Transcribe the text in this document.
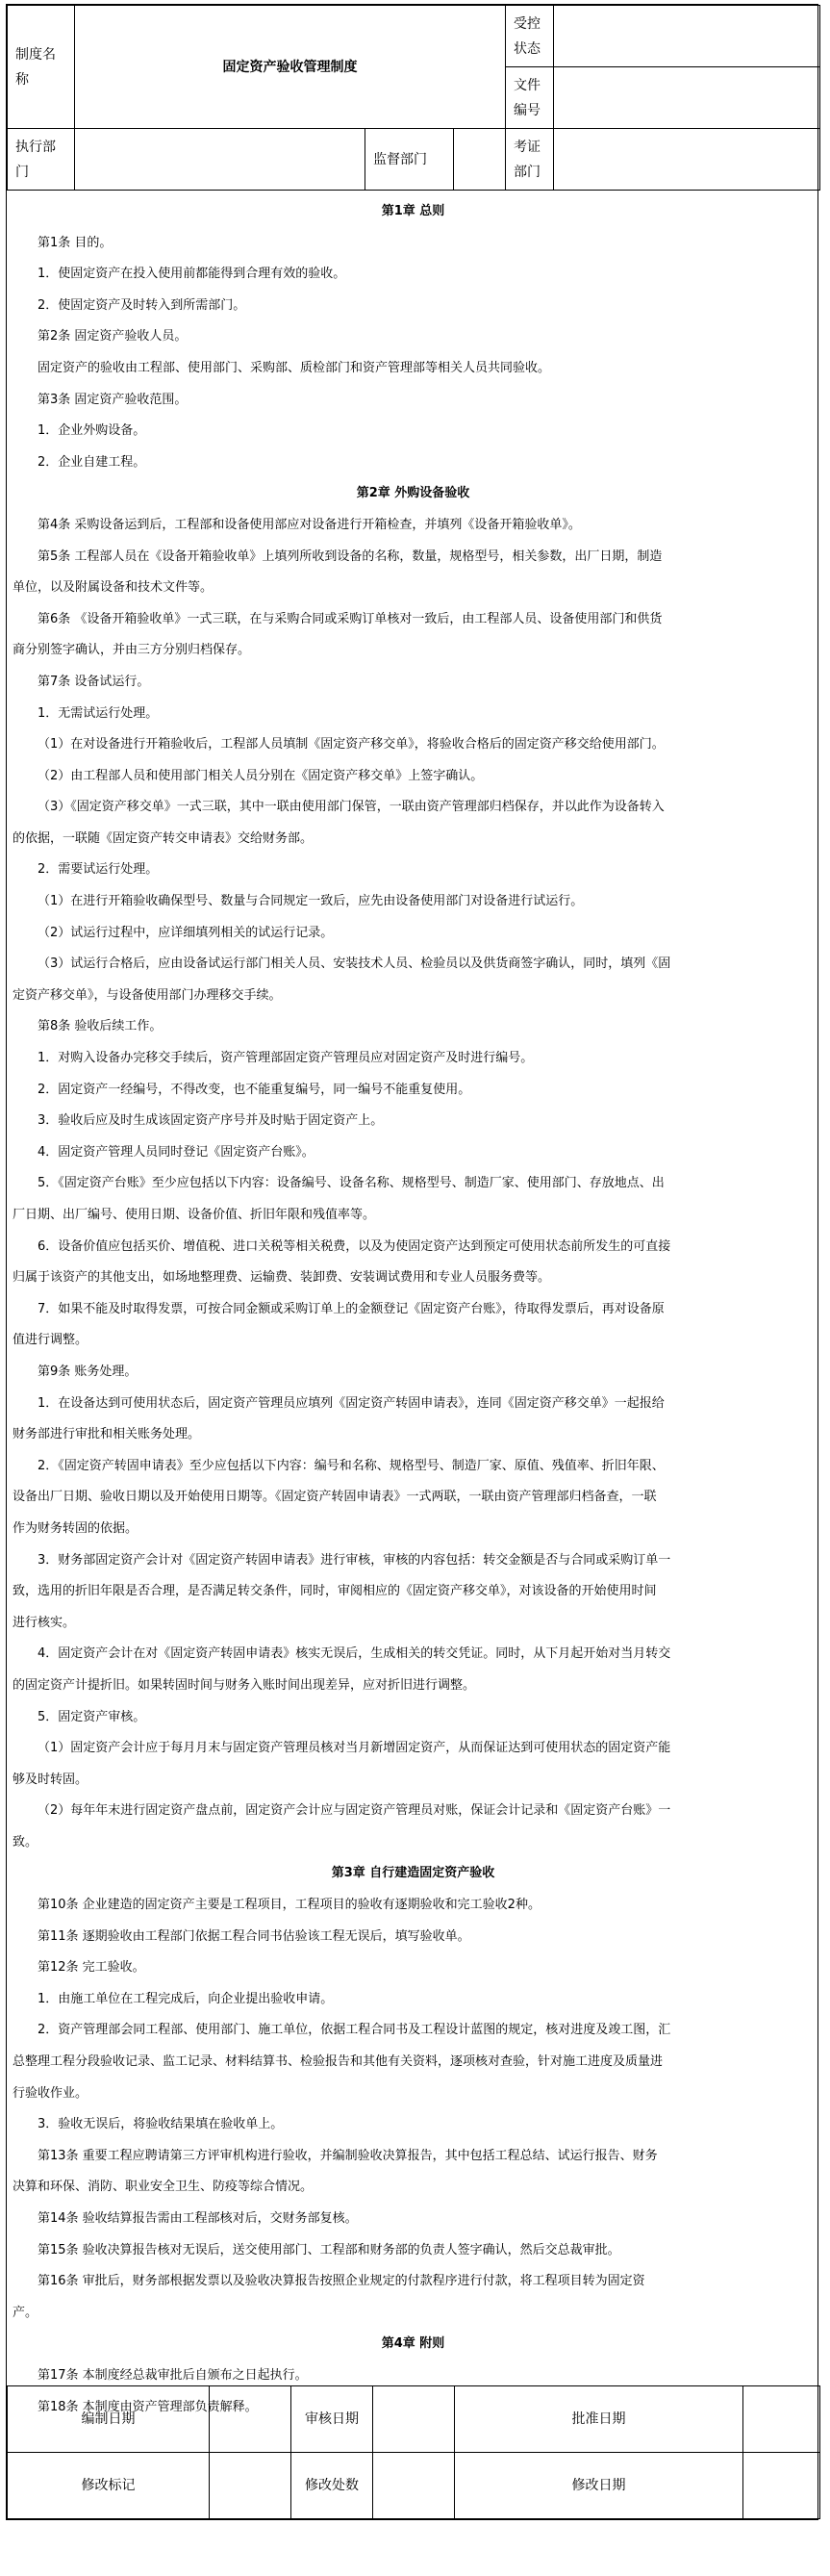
制度名称	固定资产验收管理制度			受控状态	
				文件编号	
执行部门		监督部门		考证部门	

第1章 总则

第1条 目的。

1．使固定资产在投入使用前都能得到合理有效的验收。

2．使固定资产及时转入到所需部门。

第2条 固定资产验收人员。

固定资产的验收由工程部、使用部门、采购部、质检部门和资产管理部等相关人员共同验收。

第3条 固定资产验收范围。

1．企业外购设备。

2．企业自建工程。

第2章 外购设备验收

第4条 采购设备运到后，工程部和设备使用部应对设备进行开箱检查，并填列《设备开箱验收单》。

第5条 工程部人员在《设备开箱验收单》上填列所收到设备的名称，数量，规格型号，相关参数，出厂日期，制造

单位，以及附属设备和技术文件等。

第6条 《设备开箱验收单》一式三联，在与采购合同或采购订单核对一致后，由工程部人员、设备使用部门和供货

商分别签字确认，并由三方分别归档保存。

第7条 设备试运行。

1．无需试运行处理。

（1）在对设备进行开箱验收后，工程部人员填制《固定资产移交单》，将验收合格后的固定资产移交给使用部门。

（2）由工程部人员和使用部门相关人员分别在《固定资产移交单》上签字确认。

（3）《固定资产移交单》一式三联，其中一联由使用部门保管，一联由资产管理部归档保存，并以此作为设备转入

的依据，一联随《固定资产转交申请表》交给财务部。

2．需要试运行处理。

（1）在进行开箱验收确保型号、数量与合同规定一致后，应先由设备使用部门对设备进行试运行。

（2）试运行过程中，应详细填列相关的试运行记录。

（3）试运行合格后，应由设备试运行部门相关人员、安装技术人员、检验员以及供货商签字确认，同时，填列《固

定资产移交单》，与设备使用部门办理移交手续。

第8条 验收后续工作。

1．对购入设备办完移交手续后，资产管理部固定资产管理员应对固定资产及时进行编号。

2．固定资产一经编号，不得改变，也不能重复编号，同一编号不能重复使用。

3．验收后应及时生成该固定资产序号并及时贴于固定资产上。

4．固定资产管理人员同时登记《固定资产台账》。

5．《固定资产台账》至少应包括以下内容：设备编号、设备名称、规格型号、制造厂家、使用部门、存放地点、出

厂日期、出厂编号、使用日期、设备价值、折旧年限和残值率等。

6．设备价值应包括买价、增值税、进口关税等相关税费，以及为使固定资产达到预定可使用状态前所发生的可直接

归属于该资产的其他支出，如场地整理费、运输费、装卸费、安装调试费用和专业人员服务费等。

7．如果不能及时取得发票，可按合同金额或采购订单上的金额登记《固定资产台账》，待取得发票后，再对设备原

值进行调整。

第9条 账务处理。

1．在设备达到可使用状态后，固定资产管理员应填列《固定资产转固申请表》，连同《固定资产移交单》一起报给

财务部进行审批和相关账务处理。

2．《固定资产转固申请表》至少应包括以下内容：编号和名称、规格型号、制造厂家、原值、残值率、折旧年限、

设备出厂日期、验收日期以及开始使用日期等。《固定资产转固申请表》一式两联，一联由资产管理部归档备查，一联

作为财务转固的依据。

3．财务部固定资产会计对《固定资产转固申请表》进行审核，审核的内容包括：转交金额是否与合同或采购订单一

致，选用的折旧年限是否合理，是否满足转交条件，同时，审阅相应的《固定资产移交单》，对该设备的开始使用时间

进行核实。

4．固定资产会计在对《固定资产转固申请表》核实无误后，生成相关的转交凭证。同时，从下月起开始对当月转交

的固定资产计提折旧。如果转固时间与财务入账时间出现差异，应对折旧进行调整。

5．固定资产审核。

（1）固定资产会计应于每月月末与固定资产管理员核对当月新增固定资产，从而保证达到可使用状态的固定资产能

够及时转固。

（2）每年年末进行固定资产盘点前，固定资产会计应与固定资产管理员对账，保证会计记录和《固定资产台账》一

致。

第3章 自行建造固定资产验收

第10条 企业建造的固定资产主要是工程项目，工程项目的验收有逐期验收和完工验收2种。

第11条 逐期验收由工程部门依据工程合同书估验该工程无误后，填写验收单。

第12条 完工验收。

1．由施工单位在工程完成后，向企业提出验收申请。

2．资产管理部会同工程部、使用部门、施工单位，依据工程合同书及工程设计蓝图的规定，核对进度及竣工图，汇

总整理工程分段验收记录、监工记录、材料结算书、检验报告和其他有关资料，逐项核对查验，针对施工进度及质量进

行验收作业。

3．验收无误后，将验收结果填在验收单上。

第13条 重要工程应聘请第三方评审机构进行验收，并编制验收决算报告，其中包括工程总结、试运行报告、财务

决算和环保、消防、职业安全卫生、防疫等综合情况。

第14条 验收结算报告需由工程部核对后，交财务部复核。

第15条 验收决算报告核对无误后，送交使用部门、工程部和财务部的负责人签字确认，然后交总裁审批。

第16条 审批后，财务部根据发票以及验收决算报告按照企业规定的付款程序进行付款，将工程项目转为固定资

产。

第4章 附则

第17条 本制度经总裁审批后自颁布之日起执行。

第18条 本制度由资产管理部负责解释。

编制日期		审核日期		批准日期	
修改标记		修改处数		修改日期	
